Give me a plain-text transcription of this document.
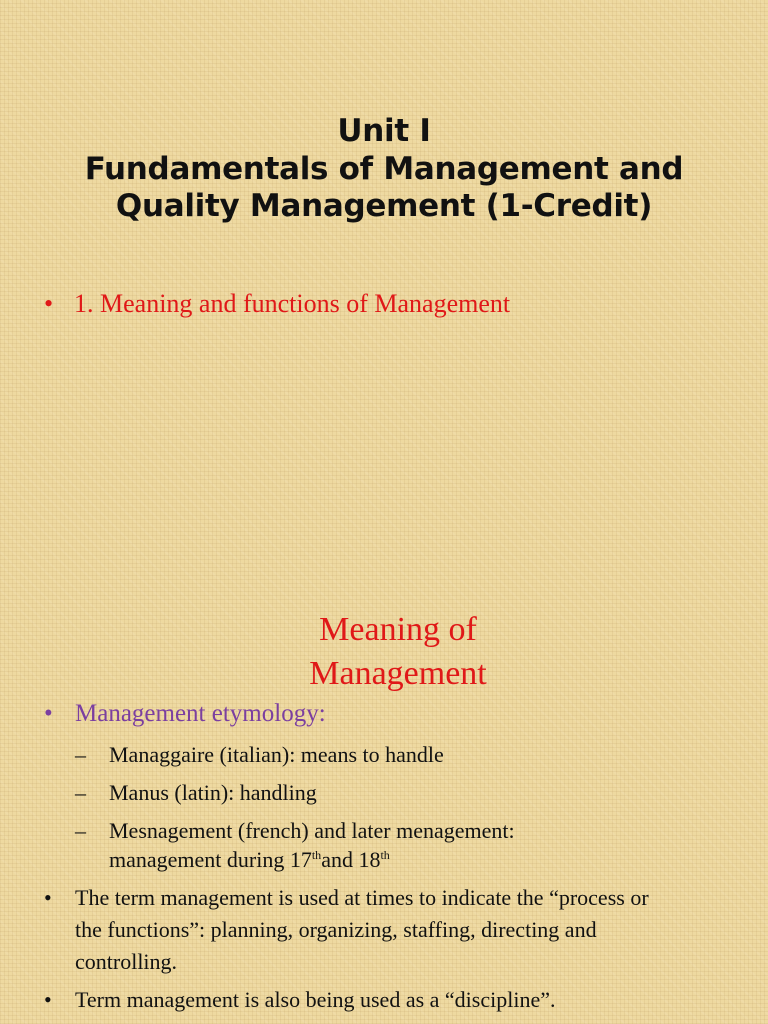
Unit I
Fundamentals of Management and
Quality Management (1-Credit)
• 1. Meaning and functions of Management
Meaning of
Management
• Management etymology:
– Managgaire (italian): means to handle
– Manus (latin): handling
– Mesnagement (french) and later menagement:
management during 17thand 18th
• The term management is used at times to indicate the “process or
the functions”: planning, organizing, staffing, directing and
controlling.
• Term management is also being used as a “discipline”.
